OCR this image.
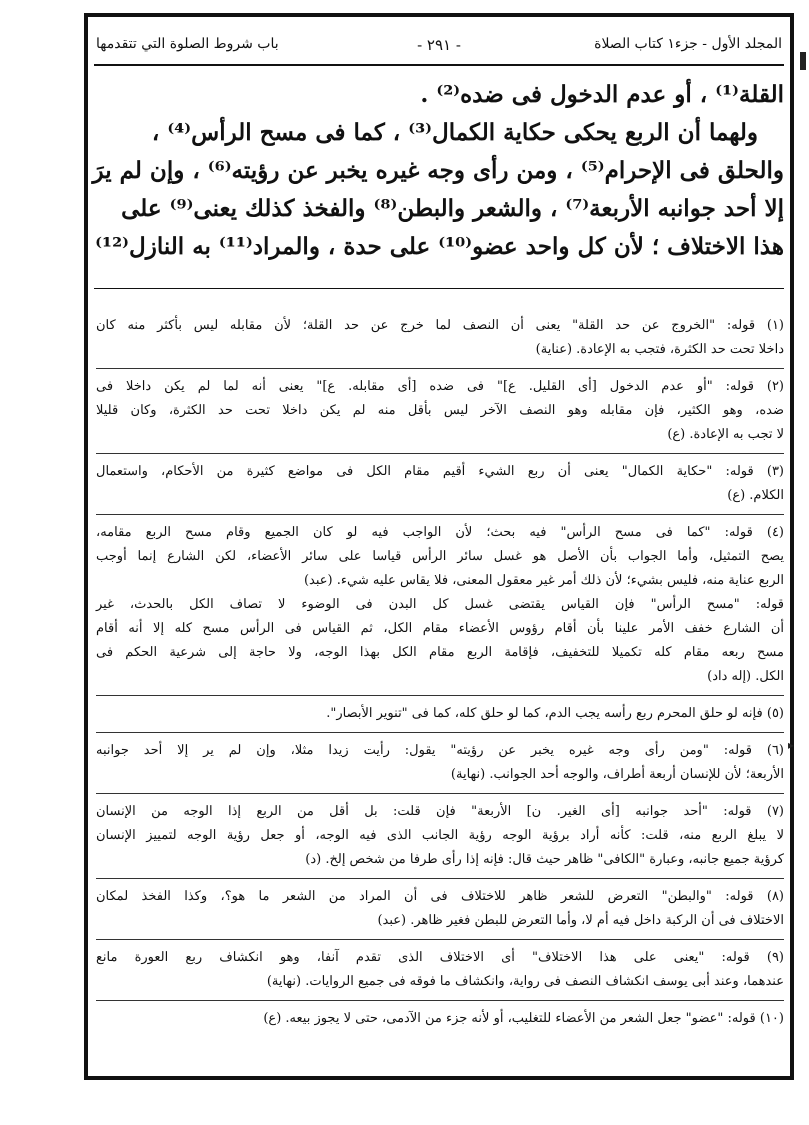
المجلد الأول - جزء١ كتاب الصلاة
- ٢٩١ -
باب شروط الصلوة التي تتقدمها

القلة⁽¹⁾ ، أو عدم الدخول فى ضده⁽²⁾ .

ولهما أن الربع يحكى حكاية الكمال⁽³⁾ ، كما فى مسح الرأس⁽⁴⁾ ،

والحلق فى الإحرام⁽⁵⁾ ، ومن رأى وجه غيره يخبر عن رؤيته⁽⁶⁾ ، وإن لم يرَ

إلا أحد جوانبه الأربعة⁽⁷⁾ ، والشعر والبطن⁽⁸⁾ والفخذ كذلك يعنى⁽⁹⁾ على

هذا الاختلاف ؛ لأن كل واحد عضو⁽¹⁰⁾ على حدة ، والمراد⁽¹¹⁾ به النازل⁽¹²⁾

(١) قوله: "الخروج عن حد القلة" يعنى أن النصف لما خرج عن حد القلة؛ لأن مقابله ليس بأكثر منه كان
داخلا تحت حد الكثرة، فتجب به الإعادة. (عناية)
(٢) قوله: "أو عدم الدخول [أى القليل. ع]" فى ضده [أى مقابله. ع]" يعنى أنه لما لم يكن داخلا فى
ضده، وهو الكثير، فإن مقابله وهو النصف الآخر ليس بأقل منه لم يكن داخلا تحت حد الكثرة، وكان قليلا
لا تجب به الإعادة. (ع)
(٣) قوله: "حكاية الكمال" يعنى أن ربع الشيء أقيم مقام الكل فى مواضع كثيرة من الأحكام، واستعمال
الكلام. (ع)
(٤) قوله: "كما فى مسح الرأس" فيه بحث؛ لأن الواجب فيه لو كان الجميع وقام مسح الربع مقامه،
يصح التمثيل، وأما الجواب بأن الأصل هو غسل سائر الرأس قياسا على سائر الأعضاء، لكن الشارع إنما أوجب
الربع عناية منه، فليس بشيء؛ لأن ذلك أمر غير معقول المعنى، فلا يقاس عليه شيء. (عبد)
قوله: "مسح الرأس" فإن القياس يقتضى غسل كل البدن فى الوضوء لا تصاف الكل بالحدث، غير
أن الشارع خفف الأمر علينا بأن أقام رؤوس الأعضاء مقام الكل، ثم القياس فى الرأس مسح كله إلا أنه أقام
مسح ربعه مقام كله تكميلا للتخفيف، فإقامة الربع مقام الكل بهذا الوجه، ولا حاجة إلى شرعية الحكم فى
الكل. (إله داد)
(٥) فإنه لو حلق المحرم ربع رأسه يجب الدم، كما لو حلق كله، كما فى "تنوير الأبصار".
(٦) قوله: "ومن رأى وجه غيره يخبر عن رؤيته" يقول: رأيت زيدا مثلا، وإن لم ير إلا أحد جوانبه
الأربعة؛ لأن للإنسان أربعة أطراف، والوجه أحد الجوانب. (نهاية)
(٧) قوله: "أحد جوانبه [أى الغير. ن] الأربعة" فإن قلت: بل أقل من الربع إذا الوجه من الإنسان
لا يبلغ الربع منه، قلت: كأنه أراد برؤية الوجه رؤية الجانب الذى فيه الوجه، أو جعل رؤية الوجه لتمييز الإنسان
كرؤية جميع جانبه، وعبارة "الكافى" ظاهر حيث قال: فإنه إذا رأى طرفا من شخص إلخ. (د)
(٨) قوله: "والبطن" التعرض للشعر ظاهر للاختلاف فى أن المراد من الشعر ما هو؟، وكذا الفخذ لمكان
الاختلاف فى أن الركبة داخل فيه أم لا، وأما التعرض للبطن فغير ظاهر. (عبد)
(٩) قوله: "يعنى على هذا الاختلاف" أى الاختلاف الذى تقدم آنفا، وهو انكشاف ربع العورة مانع
عندهما، وعند أبى يوسف انكشاف النصف فى رواية، وانكشاف ما فوقه فى جميع الروايات. (نهاية)
(١٠) قوله: "عضو" جعل الشعر من الأعضاء للتغليب، أو لأنه جزء من الآدمى، حتى لا يجوز بيعه. (ع)
▸
